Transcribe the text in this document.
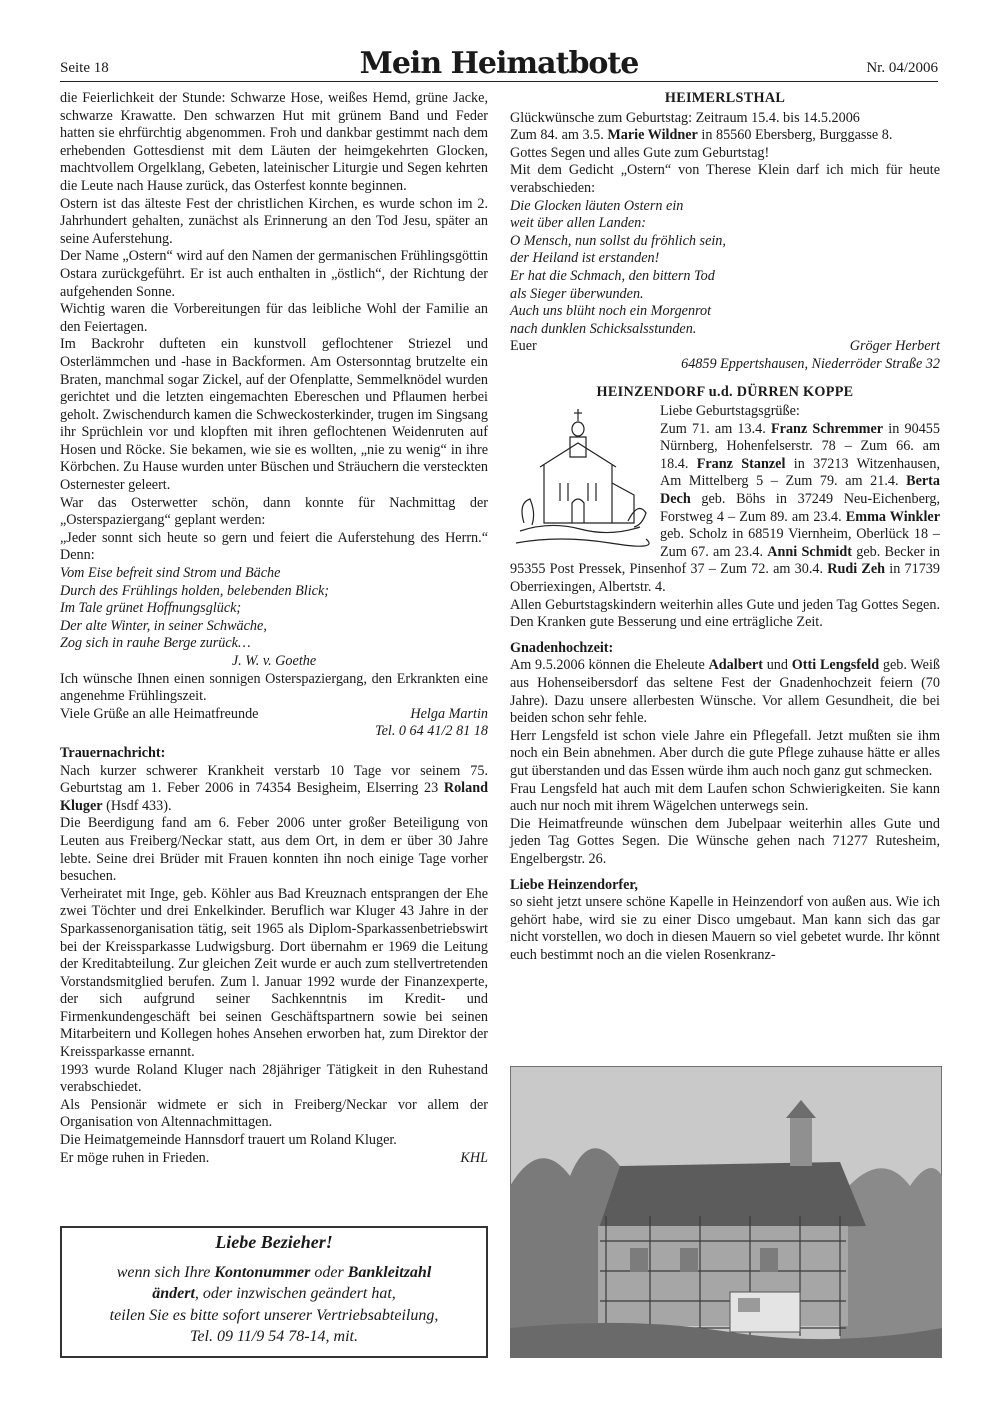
Seite 18	Mein Heimatbote	Nr. 04/2006

die Feierlichkeit der Stunde: Schwarze Hose, weißes Hemd, grüne Jacke, schwarze Krawatte. Den schwarzen Hut mit grünem Band und Feder hatten sie ehrfürchtig abgenommen. Froh und dankbar gestimmt nach dem erhebenden Gottesdienst mit dem Läuten der heimgekehrten Glocken, machtvollem Orgelklang, Gebeten, lateinischer Liturgie und Segen kehrten die Leute nach Hause zurück, das Osterfest konnte beginnen.

Ostern ist das älteste Fest der christlichen Kirchen, es wurde schon im 2. Jahrhundert gehalten, zunächst als Erinnerung an den Tod Jesu, später an seine Auferstehung.

Der Name „Ostern“ wird auf den Namen der germanischen Frühlingsgöttin Ostara zurückgeführt. Er ist auch enthalten in „östlich“, der Richtung der aufgehenden Sonne.

Wichtig waren die Vorbereitungen für das leibliche Wohl der Familie an den Feiertagen.

Im Backrohr dufteten ein kunstvoll geflochtener Striezel und Osterlämmchen und -hase in Backformen. Am Ostersonntag brutzelte ein Braten, manchmal sogar Zickel, auf der Ofenplatte, Semmelknödel wurden gerichtet und die letzten eingemachten Ebereschen und Pflaumen herbei geholt. Zwischendurch kamen die Schweckosterkinder, trugen im Singsang ihr Sprüchlein vor und klopften mit ihren geflochtenen Weidenruten auf Hosen und Röcke. Sie bekamen, wie sie es wollten, „nie zu wenig“ in ihre Körbchen. Zu Hause wurden unter Büschen und Sträuchern die versteckten Osternester geleert.

War das Osterwetter schön, dann konnte für Nachmittag der „Osterspaziergang“ geplant werden:

„Jeder sonnt sich heute so gern und feiert die Auferstehung des Herrn.“ Denn:

Vom Eise befreit sind Strom und Bäche

Durch des Frühlings holden, belebenden Blick;

Im Tale grünet Hoffnungsglück;

Der alte Winter, in seiner Schwäche,

Zog sich in rauhe Berge zurück…

J. W. v. Goethe

Ich wünsche Ihnen einen sonnigen Osterspaziergang, den Erkrankten eine angenehme Frühlingszeit.

Viele Grüße an alle Heimatfreunde	Helga Martin

Tel. 0 64 41/2 81 18

Trauernachricht:

Nach kurzer schwerer Krankheit verstarb 10 Tage vor seinem 75. Geburtstag am 1. Feber 2006 in 74354 Besigheim, Elserring 23 Roland Kluger (Hsdf 433).

Die Beerdigung fand am 6. Feber 2006 unter großer Beteiligung von Leuten aus Freiberg/Neckar statt, aus dem Ort, in dem er über 30 Jahre lebte. Seine drei Brüder mit Frauen konnten ihn noch einige Tage vorher besuchen.

Verheiratet mit Inge, geb. Köhler aus Bad Kreuznach entsprangen der Ehe zwei Töchter und drei Enkelkinder. Beruflich war Kluger 43 Jahre in der Sparkassenorganisation tätig, seit 1965 als Diplom-Sparkassenbetriebswirt bei der Kreissparkasse Ludwigsburg. Dort übernahm er 1969 die Leitung der Kreditabteilung. Zur gleichen Zeit wurde er auch zum stellvertretenden Vorstandsmitglied berufen. Zum l. Januar 1992 wurde der Finanzexperte, der sich aufgrund seiner Sachkenntnis im Kredit- und Firmenkundengeschäft bei seinen Geschäftspartnern sowie bei seinen Mitarbeitern und Kollegen hohes Ansehen erworben hat, zum Direktor der Kreissparkasse ernannt.

1993 wurde Roland Kluger nach 28jähriger Tätigkeit in den Ruhestand verabschiedet.

Als Pensionär widmete er sich in Freiberg/Neckar vor allem der Organisation von Altennachmittagen.

Die Heimatgemeinde Hannsdorf trauert um Roland Kluger.

Er möge ruhen in Frieden.	KHL
Liebe Bezieher!
wenn sich Ihre Kontonummer oder Bankleitzahl
ändert, oder inzwischen geändert hat,
teilen Sie es bitte sofort unserer Vertriebsabteilung,
Tel. 09 11/9 54 78-14, mit.

HEIMERLSTHAL

Glückwünsche zum Geburtstag: Zeitraum 15.4. bis 14.5.2006

Zum 84. am 3.5. Marie Wildner in 85560 Ebersberg, Burggasse 8.

Gottes Segen und alles Gute zum Geburtstag!

Mit dem Gedicht „Ostern“ von Therese Klein darf ich mich für heute verabschieden:

Die Glocken läuten Ostern ein

weit über allen Landen:

O Mensch, nun sollst du fröhlich sein,

der Heiland ist erstanden!

Er hat die Schmach, den bittern Tod

als Sieger überwunden.

Auch uns blüht noch ein Morgenrot

nach dunklen Schicksalsstunden.

Euer	Gröger Herbert

64859 Eppertshausen, Niederröder Straße 32

HEINZENDORF u.d. DÜRREN KOPPE

Liebe Geburtstagsgrüße:

Zum 71. am 13.4. Franz Schremmer in 90455 Nürnberg, Hohenfelserstr. 78 – Zum 66. am 18.4. Franz Stanzel in 37213 Witzenhausen, Am Mittelberg 5 – Zum 79. am 21.4. Berta Dech geb. Böhs in 37249 Neu-Eichenberg, Forstweg 4 – Zum 89. am 23.4. Emma Winkler geb. Scholz in 68519 Viernheim, Oberlück 18 – Zum 67. am 23.4. Anni Schmidt geb. Becker in 95355 Post Pressek, Pinsenhof 37 – Zum 72. am 30.4. Rudi Zeh in 71739 Oberriexingen, Albertstr. 4.

Allen Geburtstagskindern weiterhin alles Gute und jeden Tag Gottes Segen. Den Kranken gute Besserung und eine erträgliche Zeit.

Gnadenhochzeit:

Am 9.5.2006 können die Eheleute Adalbert und Otti Lengsfeld geb. Weiß aus Hohenseibersdorf das seltene Fest der Gnadenhochzeit feiern (70 Jahre). Dazu unsere allerbesten Wünsche. Vor allem Gesundheit, die bei beiden schon sehr fehle.

Herr Lengsfeld ist schon viele Jahre ein Pflegefall. Jetzt mußten sie ihm noch ein Bein abnehmen. Aber durch die gute Pflege zuhause hätte er alles gut überstanden und das Essen würde ihm auch noch ganz gut schmecken.

Frau Lengsfeld hat auch mit dem Laufen schon Schwierigkeiten. Sie kann auch nur noch mit ihrem Wägelchen unterwegs sein.

Die Heimatfreunde wünschen dem Jubelpaar weiterhin alles Gute und jeden Tag Gottes Segen. Die Wünsche gehen nach 71277 Rutesheim, Engelbergstr. 26.

Liebe Heinzendorfer,

so sieht jetzt unsere schöne Kapelle in Heinzendorf von außen aus. Wie ich gehört habe, wird sie zu einer Disco umgebaut. Man kann sich das gar nicht vorstellen, wo doch in diesen Mauern so viel gebetet wurde. Ihr könnt euch bestimmt noch an die vielen Rosenkranz-
